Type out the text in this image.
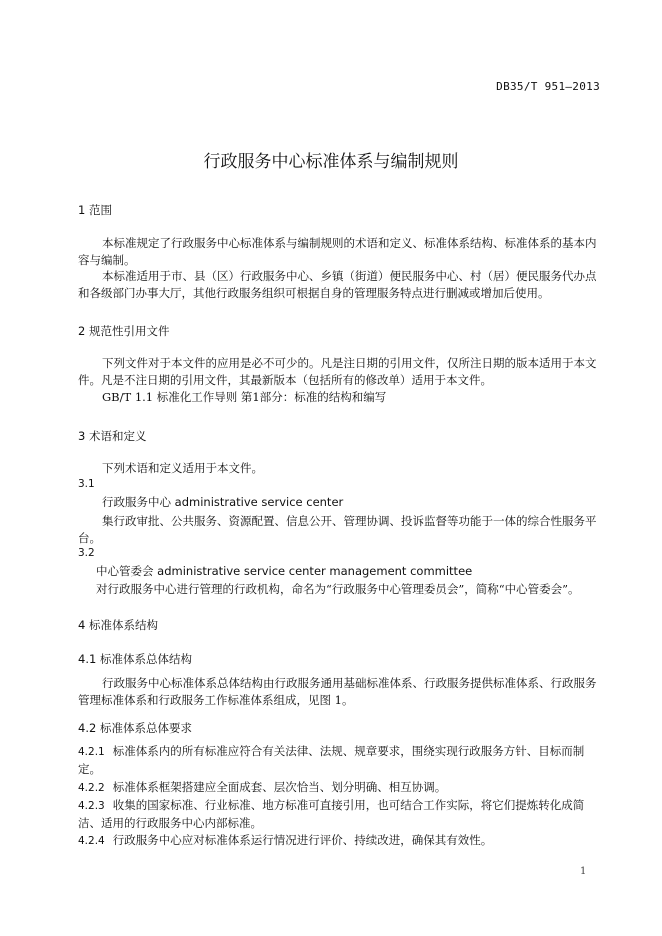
DB35/T 951—2013
行政服务中心标准体系与编制规则
1 范围
本标准规定了行政服务中心标准体系与编制规则的术语和定义、标准体系结构、标准体系的基本内容与编制。
本标准适用于市、县（区）行政服务中心、乡镇（街道）便民服务中心、村（居）便民服务代办点和各级部门办事大厅，其他行政服务组织可根据自身的管理服务特点进行删减或增加后使用。
2 规范性引用文件
下列文件对于本文件的应用是必不可少的。凡是注日期的引用文件，仅所注日期的版本适用于本文件。凡是不注日期的引用文件，其最新版本（包括所有的修改单）适用于本文件。
GB/T 1.1 标准化工作导则 第1部分：标准的结构和编写
3 术语和定义
下列术语和定义适用于本文件。
3.1
行政服务中心 administrative service center
集行政审批、公共服务、资源配置、信息公开、管理协调、投诉监督等功能于一体的综合性服务平台。
3.2
中心管委会 administrative service center management committee
对行政服务中心进行管理的行政机构，命名为“行政服务中心管理委员会”，简称“中心管委会”。
4 标准体系结构
4.1 标准体系总体结构
行政服务中心标准体系总体结构由行政服务通用基础标准体系、行政服务提供标准体系、行政服务管理标准体系和行政服务工作标准体系组成，见图 1。
4.2 标准体系总体要求
4.2.1 标准体系内的所有标准应符合有关法律、法规、规章要求，围绕实现行政服务方针、目标而制定。
4.2.2 标准体系框架搭建应全面成套、层次恰当、划分明确、相互协调。
4.2.3 收集的国家标准、行业标准、地方标准可直接引用，也可结合工作实际，将它们提炼转化成简洁、适用的行政服务中心内部标准。
4.2.4 行政服务中心应对标准体系运行情况进行评价、持续改进，确保其有效性。
1
